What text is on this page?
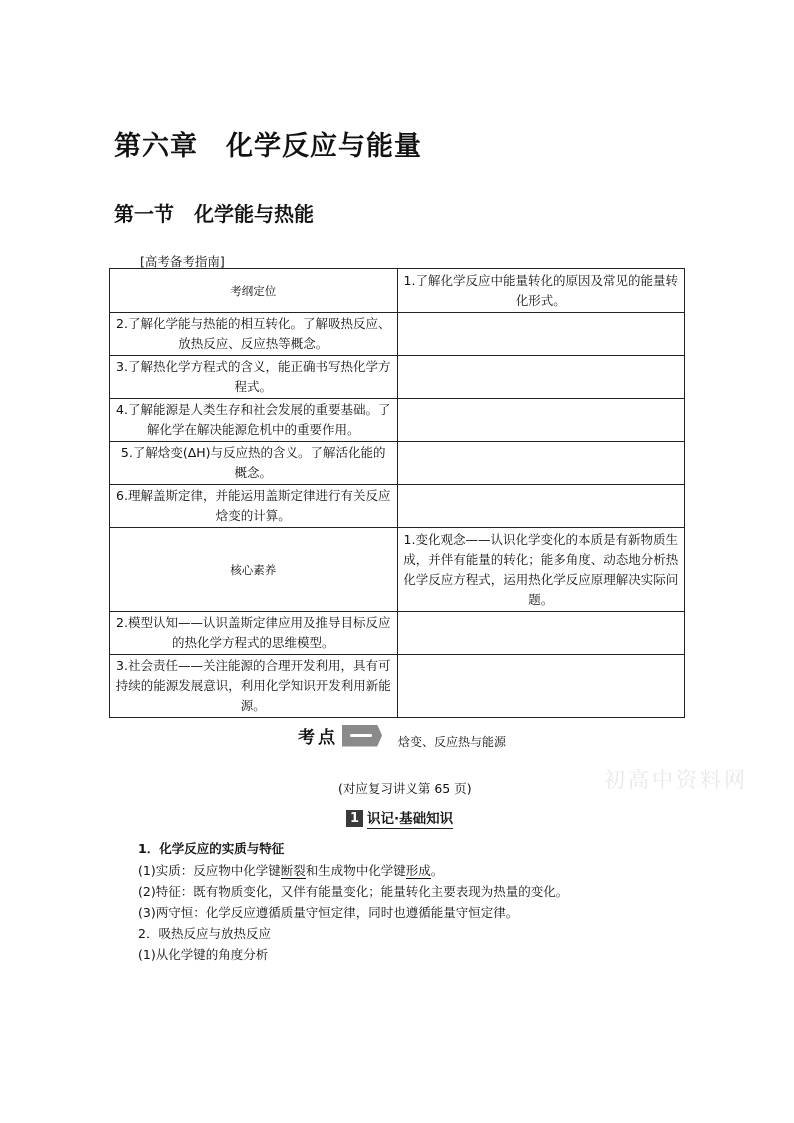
第六章　化学反应与能量
第一节　化学能与热能
[高考备考指南]
考纲定位	1.了解化学反应中能量转化的原因及常见的能量转化形式。
2.了解化学能与热能的相互转化。了解吸热反应、放热反应、反应热等概念。	
3.了解热化学方程式的含义，能正确书写热化学方程式。	
4.了解能源是人类生存和社会发展的重要基础。了解化学在解决能源危机中的重要作用。	
5.了解焓变(ΔH)与反应热的含义。了解活化能的概念。	
6.理解盖斯定律，并能运用盖斯定律进行有关反应焓变的计算。	
核心素养	1.变化观念——认识化学变化的本质是有新物质生成，并伴有能量的转化；能多角度、动态地分析热化学反应方程式，运用热化学反应原理解决实际问题。
2.模型认知——认识盖斯定律应用及推导目标反应的热化学方程式的思维模型。	
3.社会责任——关注能源的合理开发利用，具有可持续的能源发展意识，利用化学知识开发利用新能源。	
考点	焓变、反应热与能源
初高中资料网
(对应复习讲义第 65 页)
1 识记·基础知识
1．化学反应的实质与特征
(1)实质：反应物中化学键断裂和生成物中化学键形成。
(2)特征：既有物质变化，又伴有能量变化；能量转化主要表现为热量的变化。
(3)两守恒：化学反应遵循质量守恒定律，同时也遵循能量守恒定律。
2．吸热反应与放热反应
(1)从化学键的角度分析
